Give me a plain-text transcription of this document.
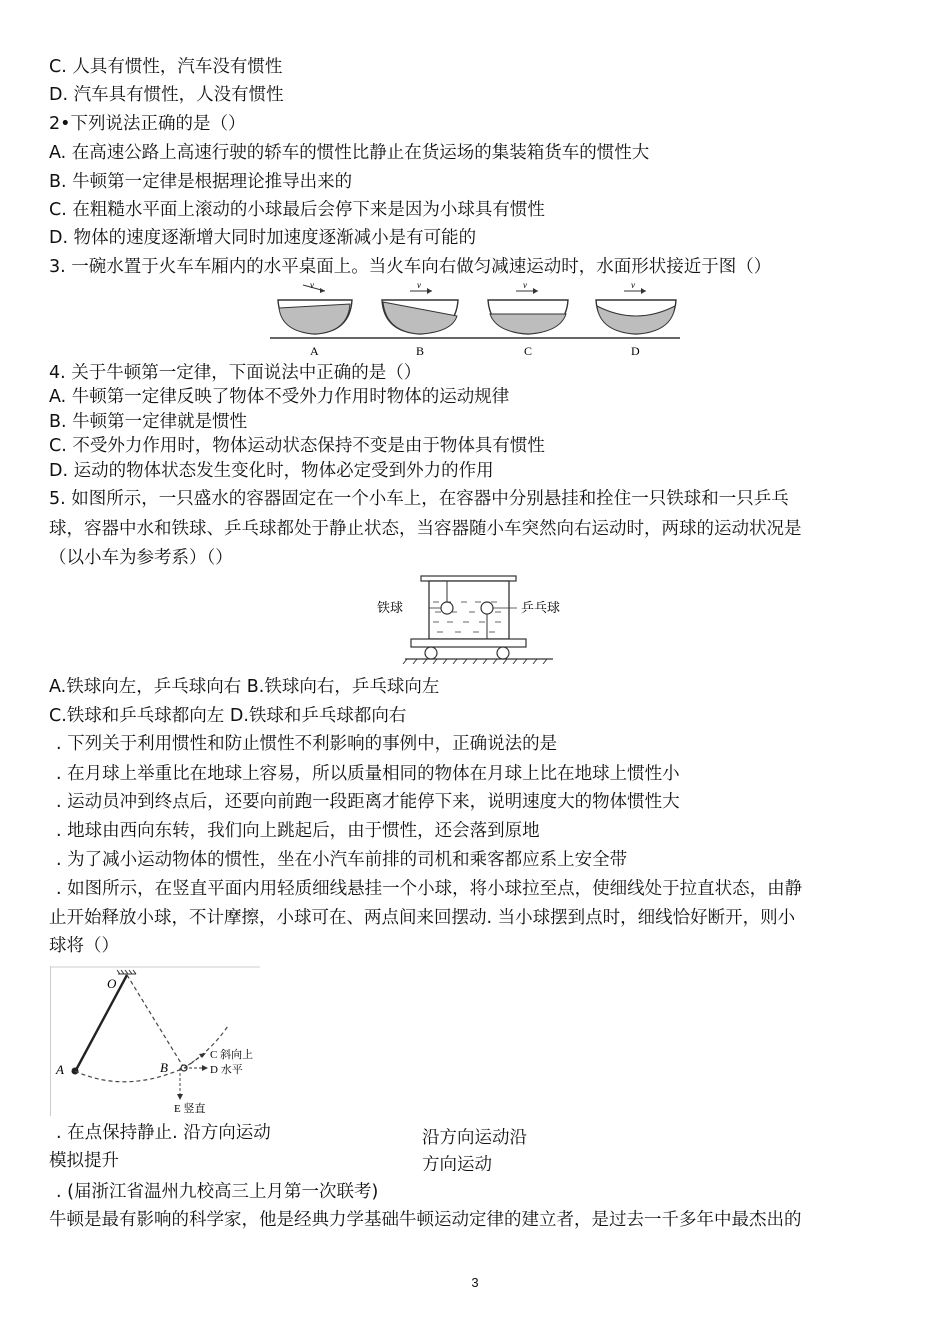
C. 人具有惯性，汽车没有惯性
D. 汽车具有惯性，人没有惯性
2•下列说法正确的是（）
A. 在高速公路上高速行驶的轿车的惯性比静止在货运场的集装箱货车的惯性大
B. 牛顿第一定律是根据理论推导出来的
C. 在粗糙水平面上滚动的小球最后会停下来是因为小球具有惯性
D. 物体的速度逐渐增大同时加速度逐渐减小是有可能的
3. 一碗水置于火车车厢内的水平桌面上。当火车向右做匀减速运动时，水面形状接近于图（）
v	v	v	v
A	B	C	D
4. 关于牛顿第一定律，下面说法中正确的是（）
A. 牛顿第一定律反映了物体不受外力作用时物体的运动规律
B. 牛顿第一定律就是惯性
C. 不受外力作用时，物体运动状态保持不变是由于物体具有惯性
D. 运动的物体状态发生变化时，物体必定受到外力的作用
5. 如图所示，一只盛水的容器固定在一个小车上，在容器中分别悬挂和拴住一只铁球和一只乒乓
球，容器中水和铁球、乒乓球都处于静止状态，当容器随小车突然向右运动时，两球的运动状况是
（以小车为参考系）（）
铁球	乒乓球
A.铁球向左，乒乓球向右 B.铁球向右，乒乓球向左
C.铁球和乒乓球都向左 D.铁球和乒乓球都向右
. 下列关于利用惯性和防止惯性不利影响的事例中，正确说法的是
. 在月球上举重比在地球上容易，所以质量相同的物体在月球上比在地球上惯性小
. 运动员冲到终点后，还要向前跑一段距离才能停下来，说明速度大的物体惯性大
. 地球由西向东转，我们向上跳起后，由于惯性，还会落到原地
. 为了减小运动物体的惯性，坐在小汽车前排的司机和乘客都应系上安全带
. 如图所示，在竖直平面内用轻质细线悬挂一个小球，将小球拉至点，使细线处于拉直状态，由静
止开始释放小球，不计摩擦，小球可在、两点间来回摆动. 当小球摆到点时，细线恰好断开，则小
球将（）
O
A	B
C 斜向上
D 水平
E 竖直
. 在点保持静止. 沿方向运动	沿方向运动沿
模拟提升	方向运动
. (届浙江省温州九校高三上月第一次联考)
牛顿是最有影响的科学家，他是经典力学基础牛顿运动定律的建立者，是过去一千多年中最杰出的
3
